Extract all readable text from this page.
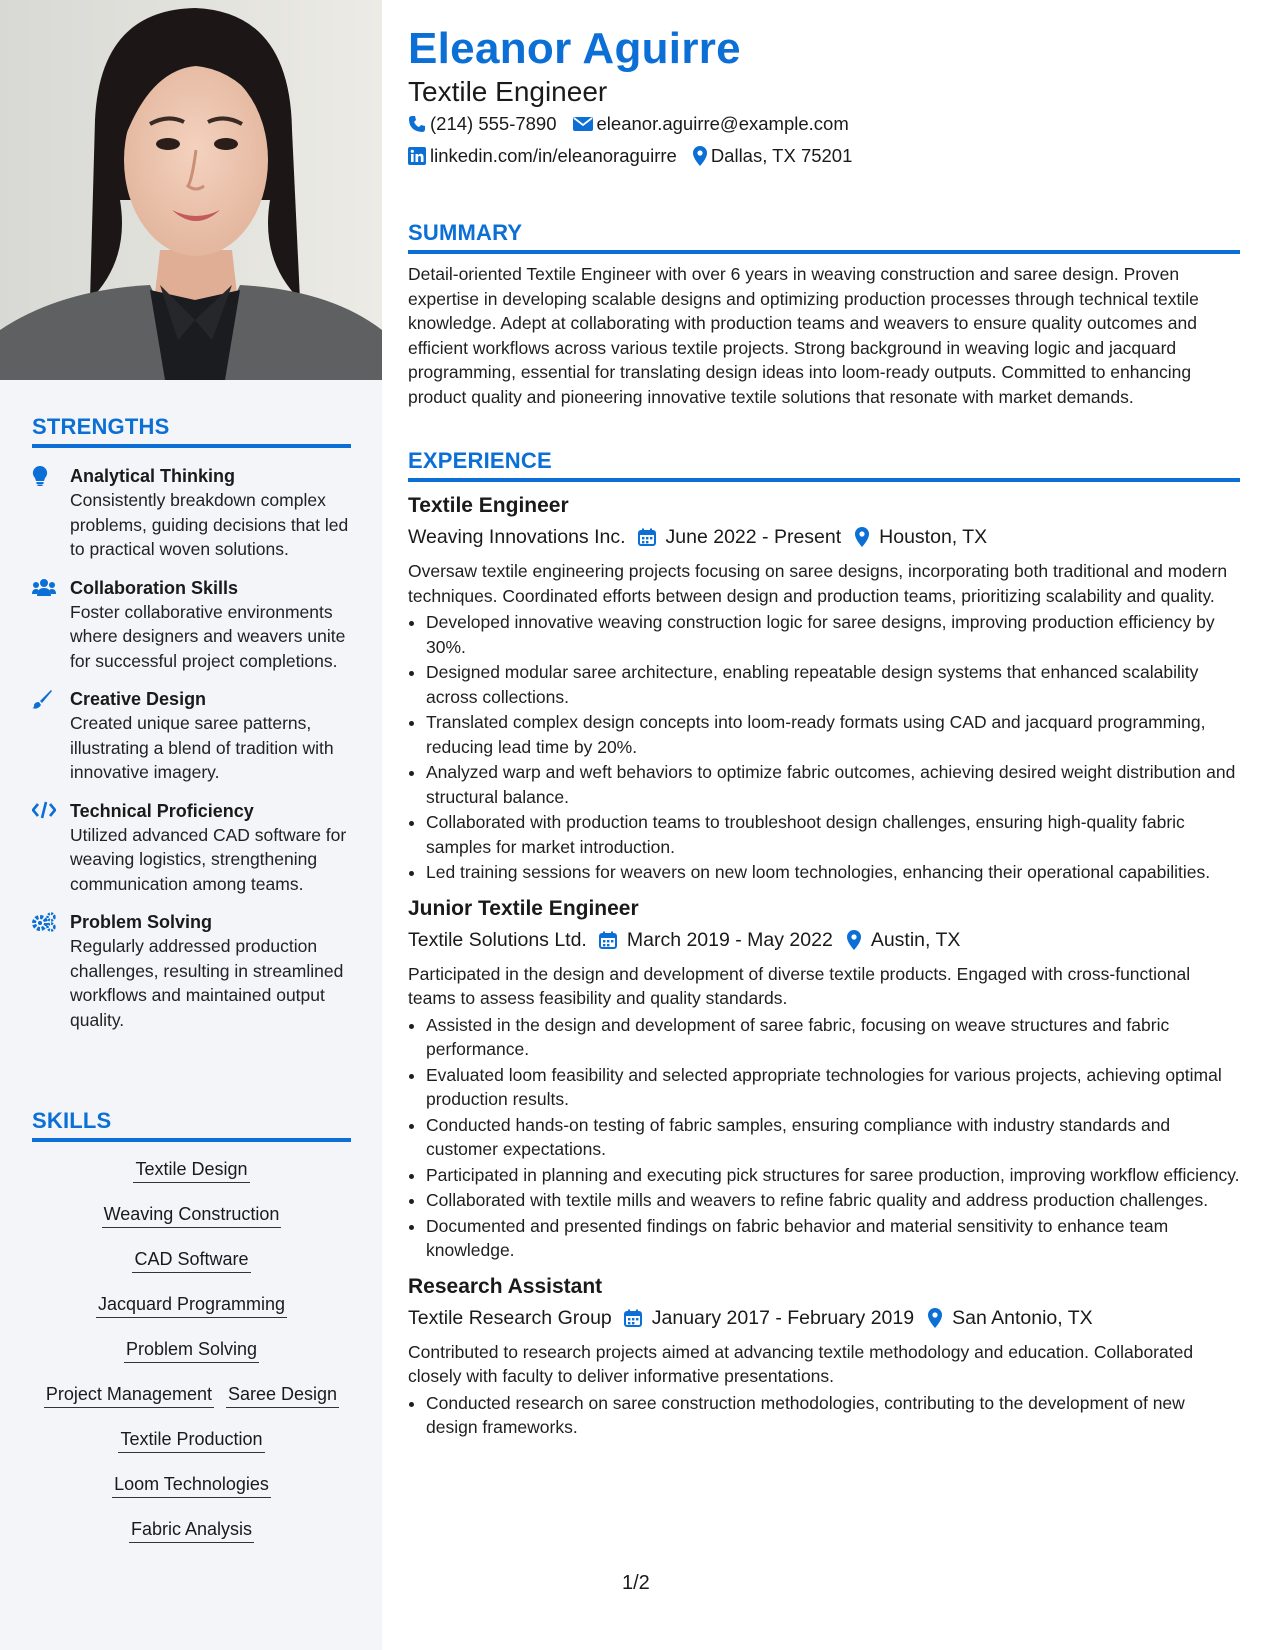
STRENGTHS
Analytical Thinking
Consistently breakdown complex problems, guiding decisions that led to practical woven solutions.
Collaboration Skills
Foster collaborative environments where designers and weavers unite for successful project completions.
Creative Design
Created unique saree patterns, illustrating a blend of tradition with innovative imagery.
Technical Proficiency
Utilized advanced CAD software for weaving logistics, strengthening communication among teams.
Problem Solving
Regularly addressed production challenges, resulting in streamlined workflows and maintained output quality.
SKILLS
Textile Design
Weaving Construction
CAD Software
Jacquard Programming
Problem Solving
Project Management Saree Design
Textile Production
Loom Technologies
Fabric Analysis
Eleanor Aguirre
Textile Engineer
(214) 555-7890 eleanor.aguirre@example.com
linkedin.com/in/eleanoraguirre Dallas, TX 75201
SUMMARY

Detail-oriented Textile Engineer with over 6 years in weaving construction and saree design. Proven expertise in developing scalable designs and optimizing production processes through technical textile knowledge. Adept at collaborating with production teams and weavers to ensure quality outcomes and efficient workflows across various textile projects. Strong background in weaving logic and jacquard programming, essential for translating design ideas into loom-ready outputs. Committed to enhancing product quality and pioneering innovative textile solutions that resonate with market demands.

EXPERIENCE
Textile Engineer
Weaving Innovations Inc. June 2022 - Present Houston, TX
Oversaw textile engineering projects focusing on saree designs, incorporating both traditional and modern techniques. Coordinated efforts between design and production teams, prioritizing scalability and quality.
• Developed innovative weaving construction logic for saree designs, improving production efficiency by 30%.
• Designed modular saree architecture, enabling repeatable design systems that enhanced scalability across collections.
• Translated complex design concepts into loom-ready formats using CAD and jacquard programming, reducing lead time by 20%.
• Analyzed warp and weft behaviors to optimize fabric outcomes, achieving desired weight distribution and structural balance.
• Collaborated with production teams to troubleshoot design challenges, ensuring high-quality fabric samples for market introduction.
• Led training sessions for weavers on new loom technologies, enhancing their operational capabilities.
Junior Textile Engineer
Textile Solutions Ltd. March 2019 - May 2022 Austin, TX
Participated in the design and development of diverse textile products. Engaged with cross-functional teams to assess feasibility and quality standards.
• Assisted in the design and development of saree fabric, focusing on weave structures and fabric performance.
• Evaluated loom feasibility and selected appropriate technologies for various projects, achieving optimal production results.
• Conducted hands-on testing of fabric samples, ensuring compliance with industry standards and customer expectations.
• Participated in planning and executing pick structures for saree production, improving workflow efficiency.
• Collaborated with textile mills and weavers to refine fabric quality and address production challenges.
• Documented and presented findings on fabric behavior and material sensitivity to enhance team knowledge.
Research Assistant
Textile Research Group January 2017 - February 2019 San Antonio, TX
Contributed to research projects aimed at advancing textile methodology and education. Collaborated closely with faculty to deliver informative presentations.
• Conducted research on saree construction methodologies, contributing to the development of new design frameworks.
1/2
